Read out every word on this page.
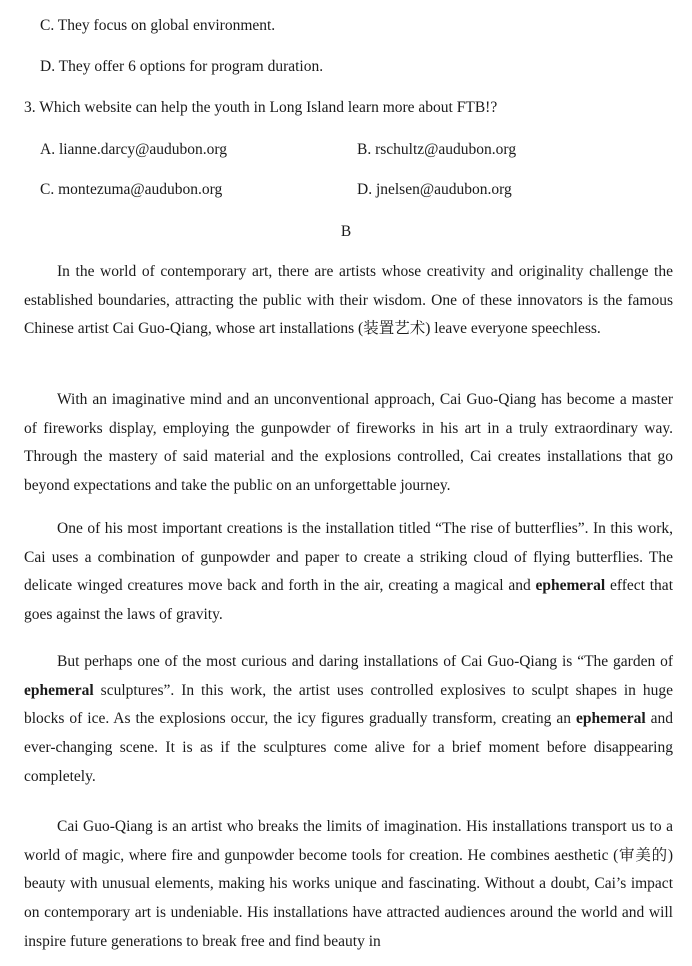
C. They focus on global environment.
D. They offer 6 options for program duration.
3. Which website can help the youth in Long Island learn more about FTB!?
A. lianne.darcy@audubon.org	B. rschultz@audubon.org
C. montezuma@audubon.org	D. jnelsen@audubon.org
B
In the world of contemporary art, there are artists whose creativity and originality challenge the established boundaries, attracting the public with their wisdom. One of these innovators is the famous Chinese artist Cai Guo-Qiang, whose art installations (装置艺术) leave everyone speechless.
With an imaginative mind and an unconventional approach, Cai Guo-Qiang has become a master of fireworks display, employing the gunpowder of fireworks in his art in a truly extraordinary way. Through the mastery of said material and the explosions controlled, Cai creates installations that go beyond expectations and take the public on an unforgettable journey.
One of his most important creations is the installation titled “The rise of butterflies”. In this work, Cai uses a combination of gunpowder and paper to create a striking cloud of flying butterflies. The delicate winged creatures move back and forth in the air, creating a magical and ephemeral effect that goes against the laws of gravity.
But perhaps one of the most curious and daring installations of Cai Guo-Qiang is “The garden of ephemeral sculptures”. In this work, the artist uses controlled explosives to sculpt shapes in huge blocks of ice. As the explosions occur, the icy figures gradually transform, creating an ephemeral and ever-changing scene. It is as if the sculptures come alive for a brief moment before disappearing completely.
Cai Guo-Qiang is an artist who breaks the limits of imagination. His installations transport us to a world of magic, where fire and gunpowder become tools for creation. He combines aesthetic (审美的) beauty with unusual elements, making his works unique and fascinating. Without a doubt, Cai’s impact on contemporary art is undeniable. His installations have attracted audiences around the world and will inspire future generations to break free and find beauty in
